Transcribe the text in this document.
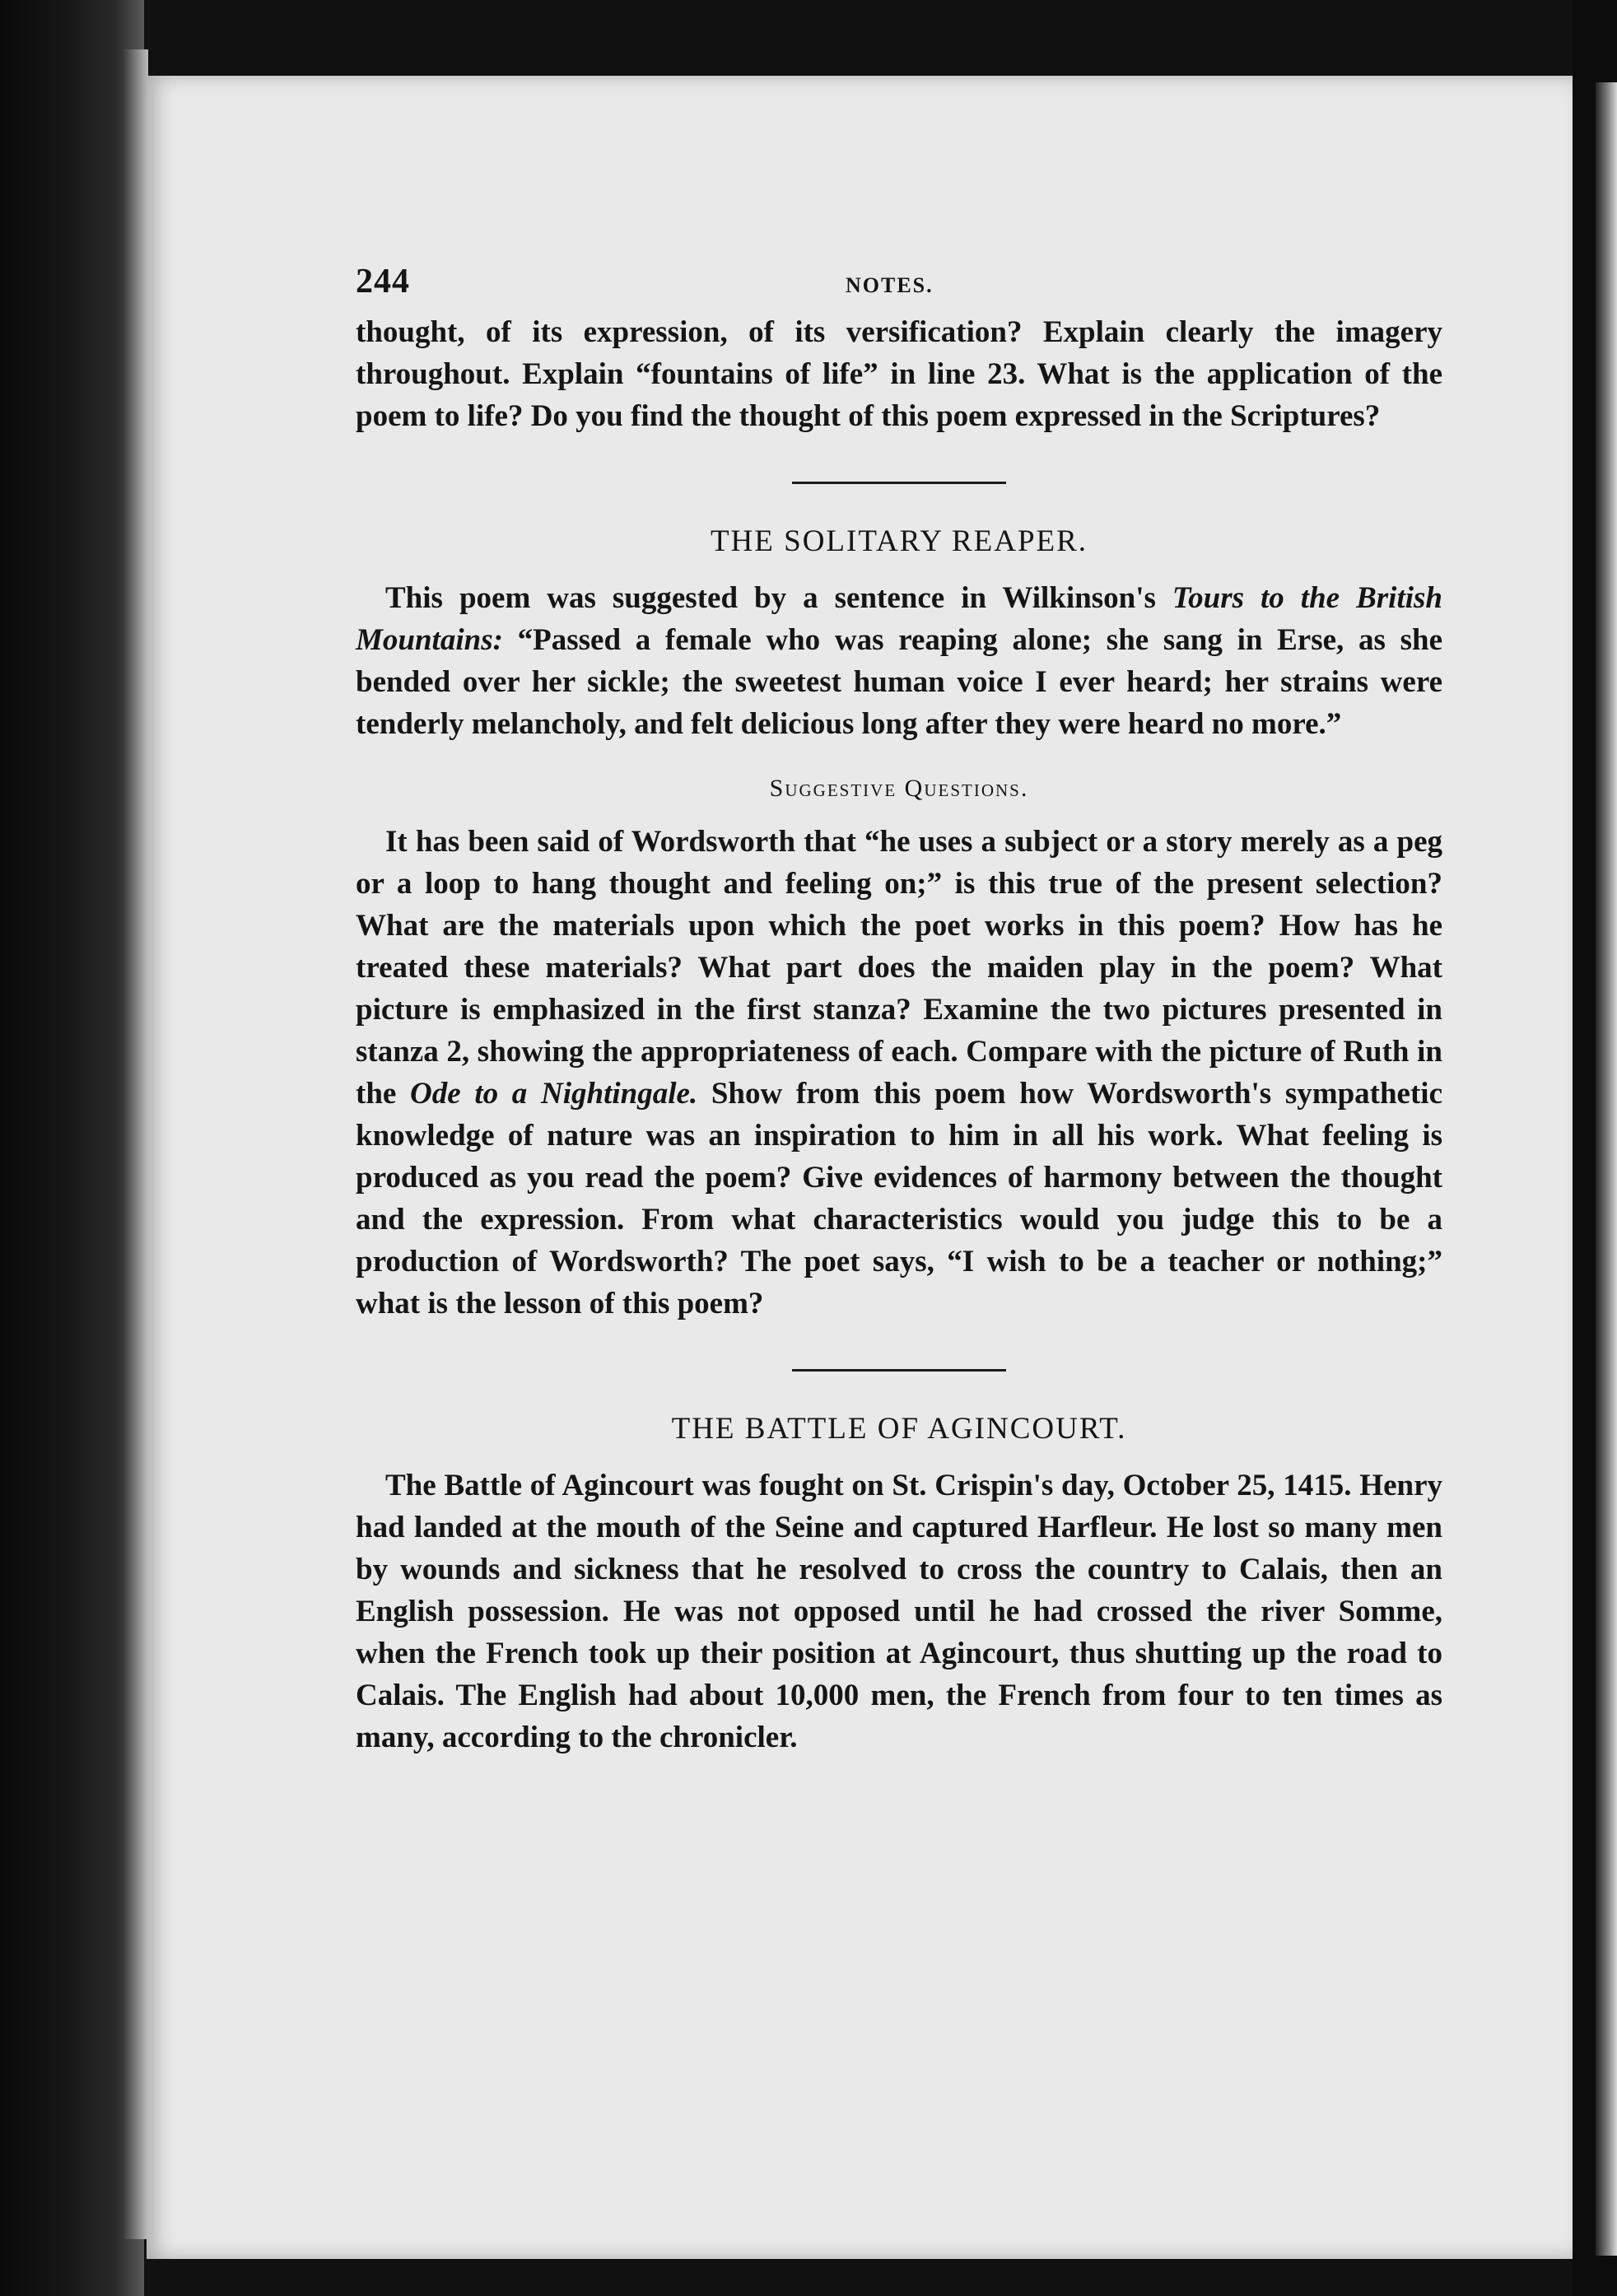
244	NOTES.

thought, of its expression, of its versification? Explain clearly the imagery throughout. Explain “fountains of life” in line 23. What is the application of the poem to life? Do you find the thought of this poem expressed in the Scriptures?

THE SOLITARY REAPER.

This poem was suggested by a sentence in Wilkinson's Tours to the British Mountains: “Passed a female who was reaping alone; she sang in Erse, as she bended over her sickle; the sweetest human voice I ever heard; her strains were tenderly melancholy, and felt delicious long after they were heard no more.”

Suggestive Questions.

It has been said of Wordsworth that “he uses a subject or a story merely as a peg or a loop to hang thought and feeling on;” is this true of the present selection? What are the materials upon which the poet works in this poem? How has he treated these materials? What part does the maiden play in the poem? What picture is emphasized in the first stanza? Examine the two pictures presented in stanza 2, showing the appropriateness of each. Compare with the picture of Ruth in the Ode to a Nightingale. Show from this poem how Wordsworth's sympathetic knowledge of nature was an inspiration to him in all his work. What feeling is produced as you read the poem? Give evidences of harmony between the thought and the expression. From what characteristics would you judge this to be a production of Wordsworth? The poet says, “I wish to be a teacher or nothing;” what is the lesson of this poem?

THE BATTLE OF AGINCOURT.

The Battle of Agincourt was fought on St. Crispin's day, October 25, 1415. Henry had landed at the mouth of the Seine and captured Harfleur. He lost so many men by wounds and sickness that he resolved to cross the country to Calais, then an English possession. He was not opposed until he had crossed the river Somme, when the French took up their position at Agincourt, thus shutting up the road to Calais. The English had about 10,000 men, the French from four to ten times as many, according to the chronicler.
